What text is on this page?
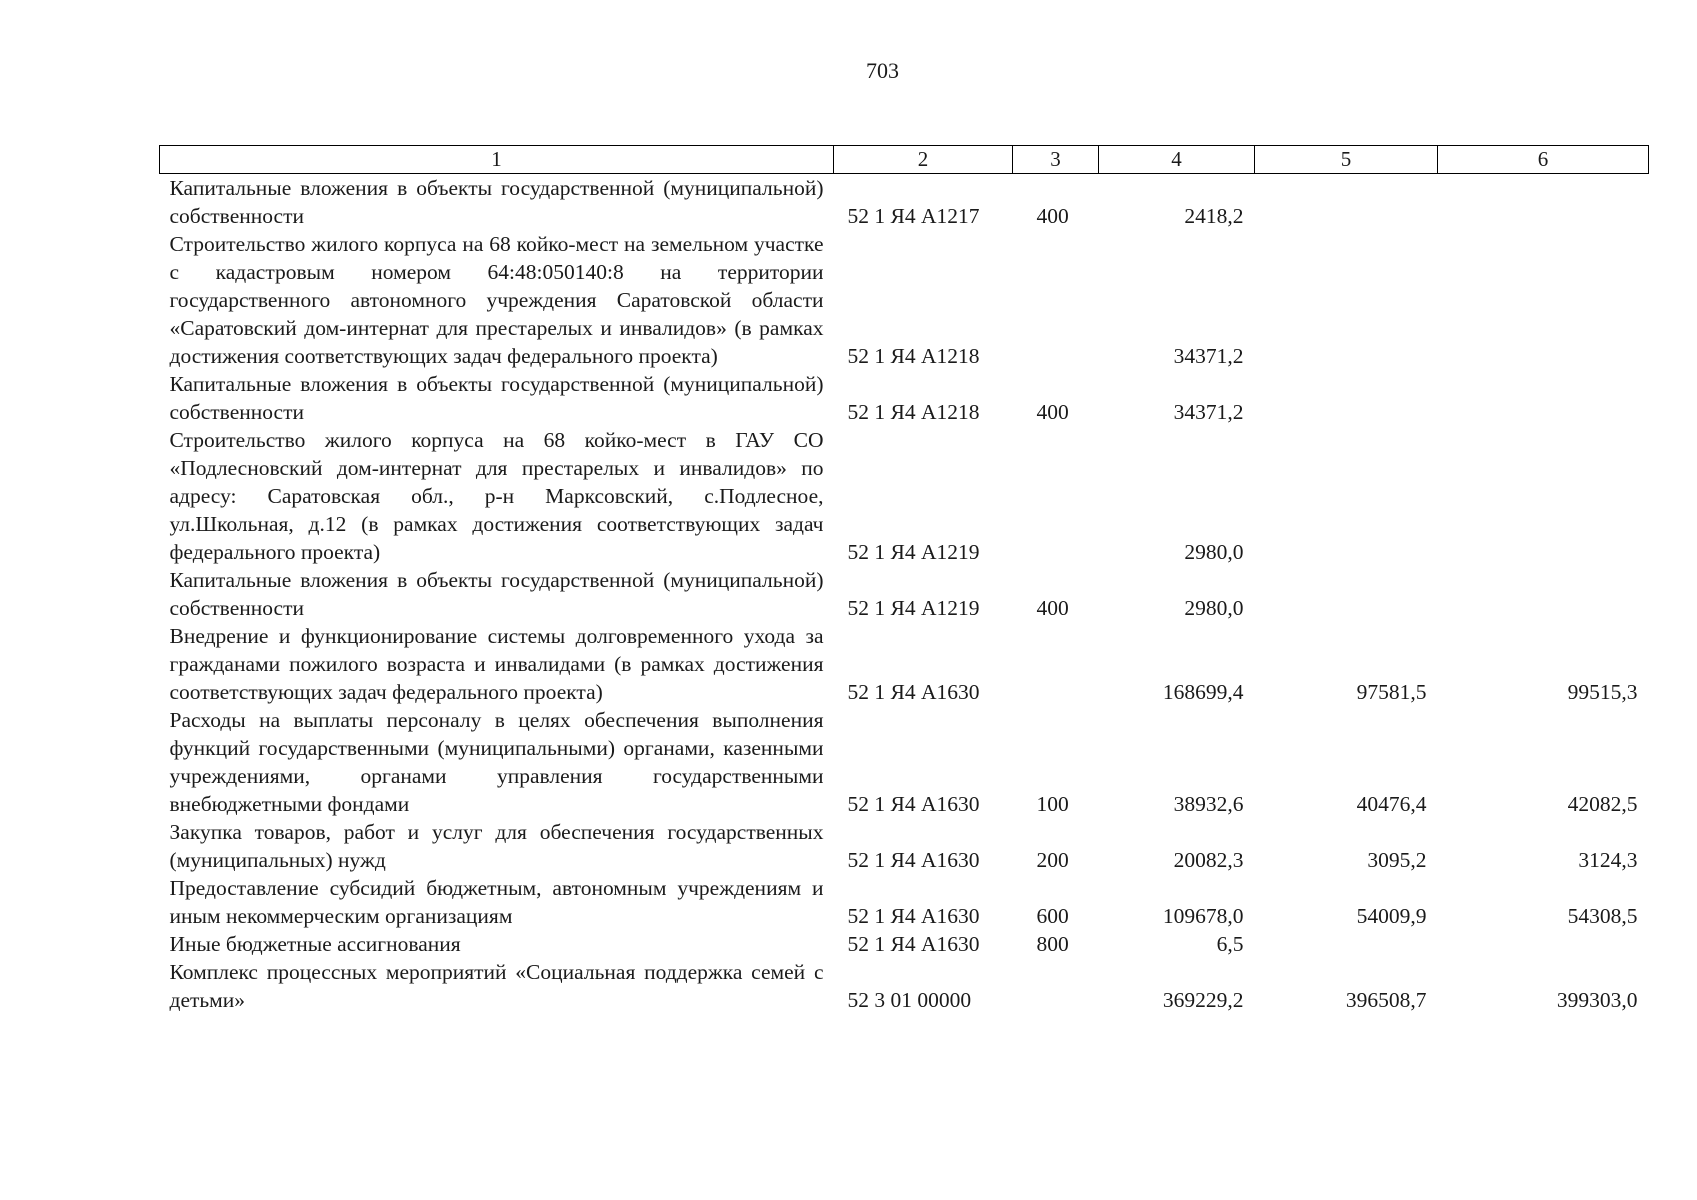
703
1	2	3	4	5	6
Капитальные вложения в объекты государственной (муниципальной) собственности	52 1 Я4 A1217	400	2418,2		
Строительство жилого корпуса на 68 койко-мест на земельном участке с кадастровым номером 64:48:050140:8 на территории государственного автономного учреждения Саратовской области «Саратовский дом-интернат для престарелых и инвалидов» (в рамках достижения соответствующих задач федерального проекта)	52 1 Я4 A1218		34371,2		
Капитальные вложения в объекты государственной (муниципальной) собственности	52 1 Я4 A1218	400	34371,2		
Строительство жилого корпуса на 68 койко-мест в ГАУ СО «Подлесновский дом-интернат для престарелых и инвалидов» по адресу: Саратовская обл., р-н Марксовский, с.Подлесное, ул.Школьная, д.12 (в рамках достижения соответствующих задач федерального проекта)	52 1 Я4 A1219		2980,0		
Капитальные вложения в объекты государственной (муниципальной) собственности	52 1 Я4 A1219	400	2980,0		
Внедрение и функционирование системы долговременного ухода за гражданами пожилого возраста и инвалидами (в рамках достижения соответствующих задач федерального проекта)	52 1 Я4 A1630		168699,4	97581,5	99515,3
Расходы на выплаты персоналу в целях обеспечения выполнения функций государственными (муниципальными) органами, казенными учреждениями, органами управления государственными внебюджетными фондами	52 1 Я4 A1630	100	38932,6	40476,4	42082,5
Закупка товаров, работ и услуг для обеспечения государственных (муниципальных) нужд	52 1 Я4 A1630	200	20082,3	3095,2	3124,3
Предоставление субсидий бюджетным, автономным учреждениям и иным некоммерческим организациям	52 1 Я4 A1630	600	109678,0	54009,9	54308,5
Иные бюджетные ассигнования	52 1 Я4 A1630	800	6,5		
Комплекс процессных мероприятий «Социальная поддержка семей с детьми»	52 3 01 00000		369229,2	396508,7	399303,0
